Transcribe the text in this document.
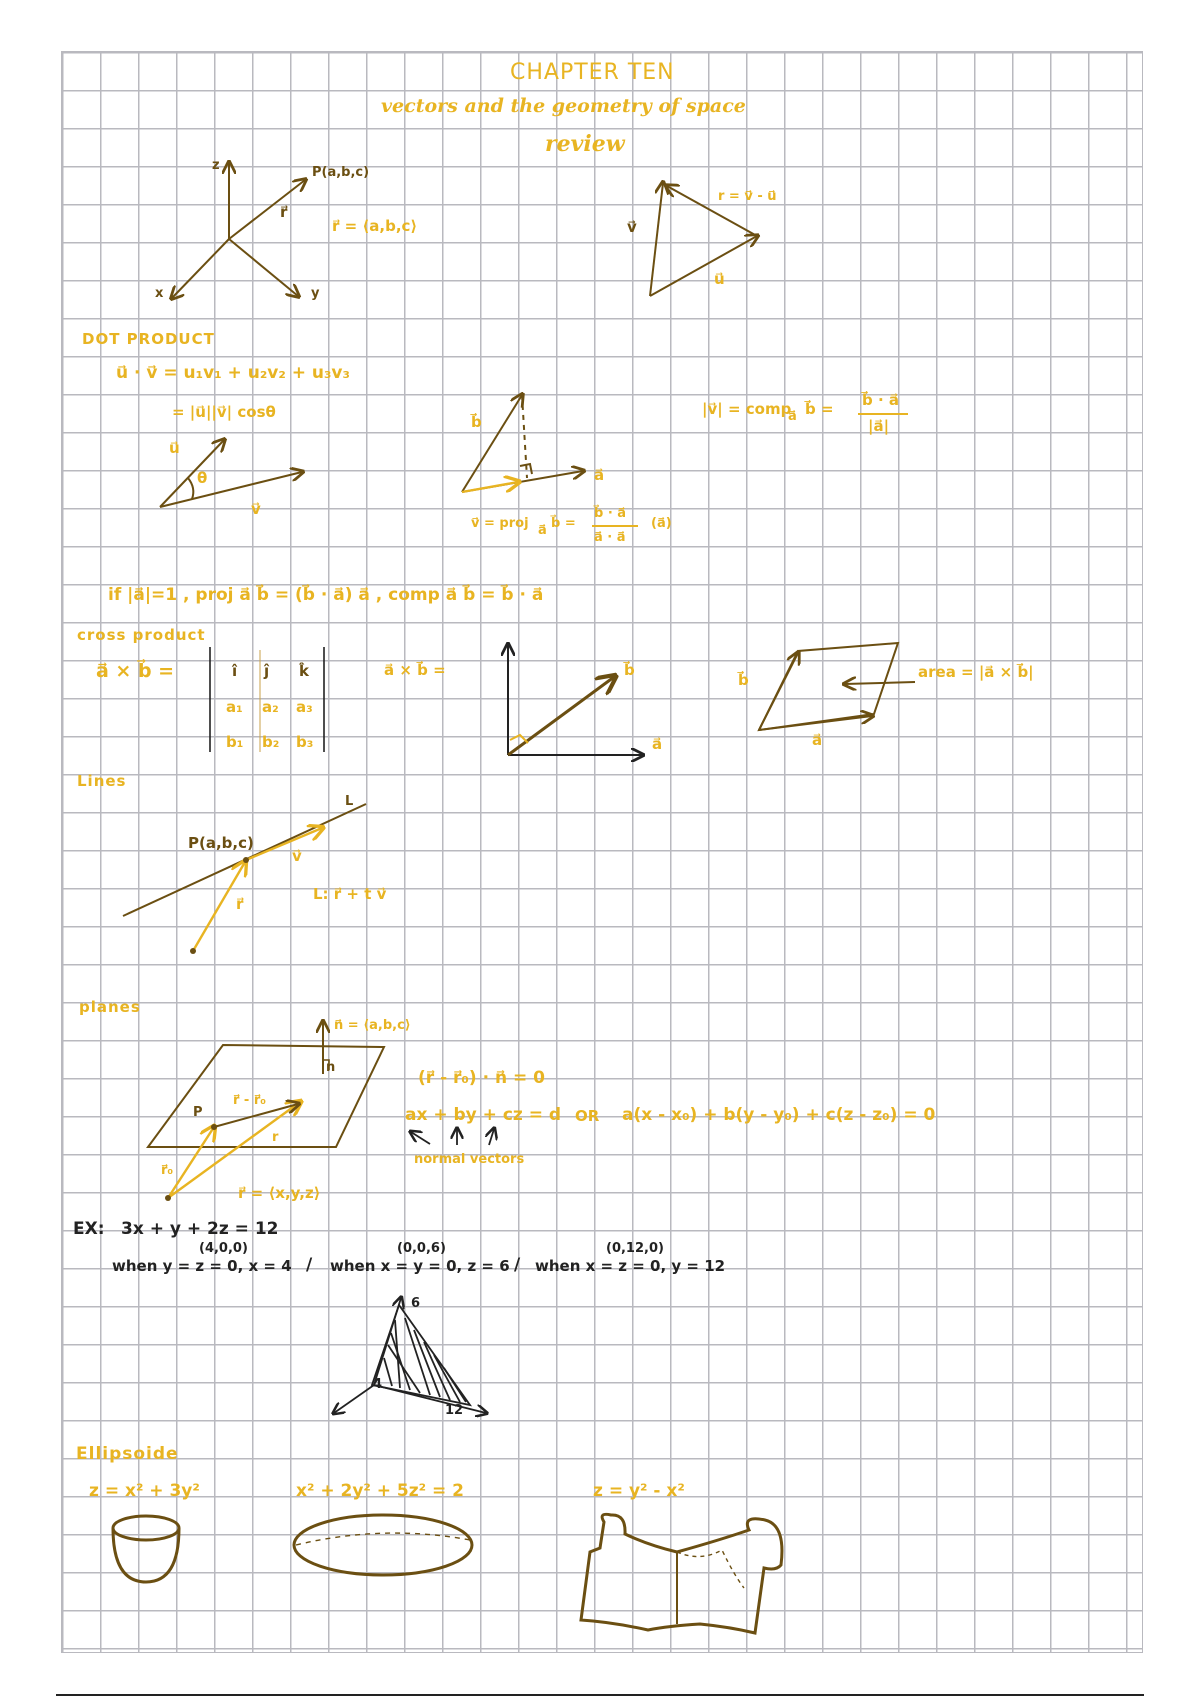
CHAPTER TEN
vectors and the geometry of space
review
z
x	y
P(a,b,c)
r⃗
r⃗ = ⟨a,b,c⟩
r = v⃗ - u⃗
v⃗
u⃗
DOT PRODUCT
u⃗ · v⃗ = u₁v₁ + u₂v₂ + u₃v₃
= |u⃗||v⃗| cosθ
u⃗
θ
v⃗
b⃗
a⃗
v⃗ = proj a⃗ b⃗ =
b⃗ · a⃗
a⃗ · a⃗
(a⃗)
|v⃗| = comp
a⃗ b⃗ = b⃗ · a⃗
|a⃗|
if |a⃗|=1 , proj a⃗ b⃗ = (b⃗ · a⃗) a⃗ , comp a⃗ b⃗ = b⃗ · a⃗
cross product
a⃗ × b⃗ =	î ĵ k̂
a₁ a₂ a₃
b₁ b₂ b₃
a⃗ × b⃗ =	b⃗
a⃗
b⃗
a⃗
area = |a⃗ × b⃗|
Lines
L
P(a,b,c)
v⃗
r⃗
L: r⃗ + t v⃗
planes
n⃗ = ⟨a,b,c⟩
n
r⃗ - r⃗₀
P
r
r⃗₀
r⃗ = ⟨x,y,z⟩
(r⃗ - r⃗₀) · n⃗ = 0
ax + by + cz = d OR a(x - x₀) + b(y - y₀) + c(z - z₀) = 0
normal vectors
EX: 3x + y + 2z = 12
(4,0,0)	(0,0,6)	(0,12,0)
when y = z = 0, x = 4 / when x = y = 0, z = 6 / when x = z = 0, y = 12
6
4
12
Ellipsoide
z = x² + 3y²	x² + 2y² + 5z² = 2	z = y² - x²
